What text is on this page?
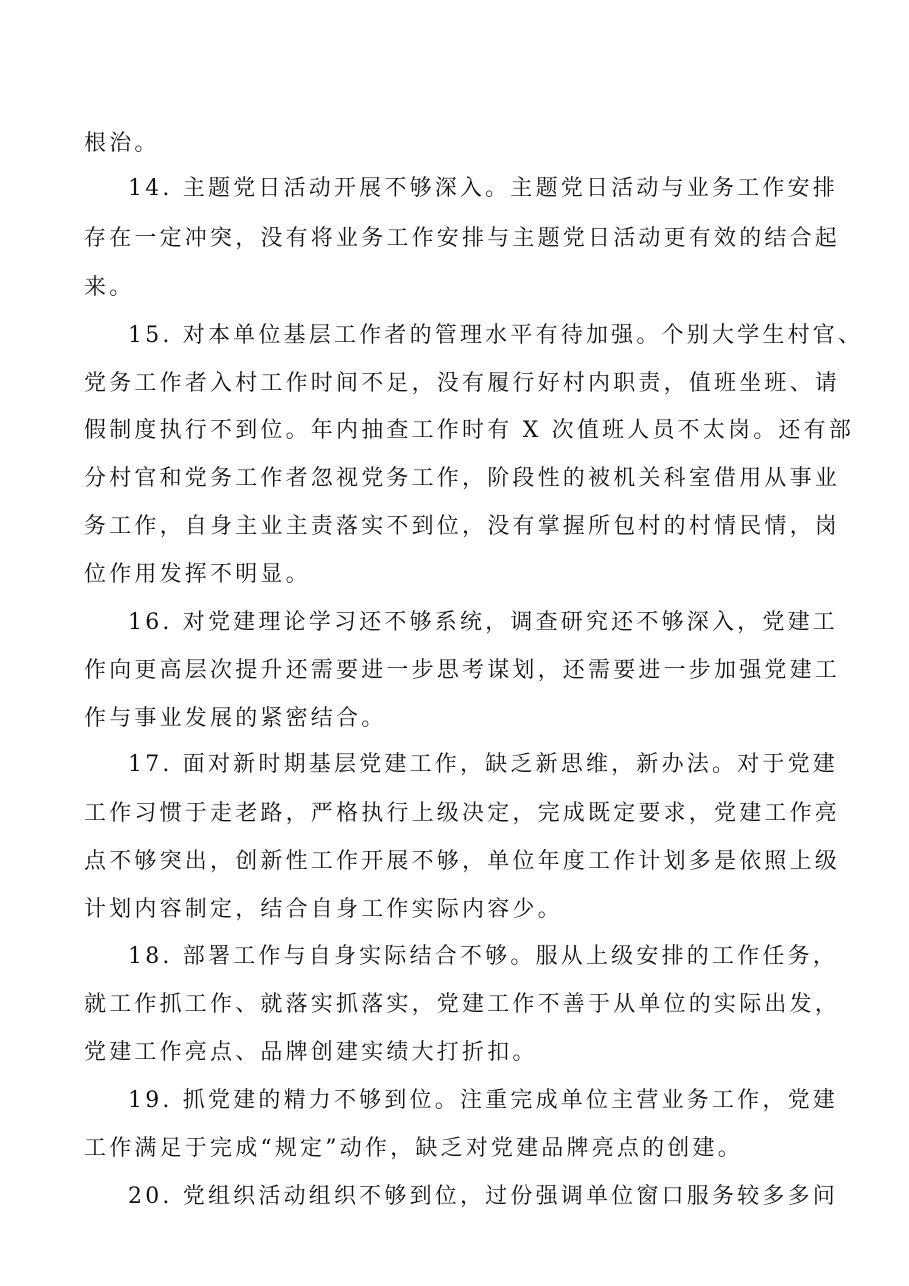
根治。
14. 主题党日活动开展不够深入。主题党日活动与业务工作安排
存在一定冲突，没有将业务工作安排与主题党日活动更有效的结合起
来。
15. 对本单位基层工作者的管理水平有待加强。个别大学生村官、
党务工作者入村工作时间不足，没有履行好村内职责，值班坐班、请
假制度执行不到位。年内抽查工作时有 X 次值班人员不太岗。还有部
分村官和党务工作者忽视党务工作，阶段性的被机关科室借用从事业
务工作，自身主业主责落实不到位，没有掌握所包村的村情民情，岗
位作用发挥不明显。
16. 对党建理论学习还不够系统，调查研究还不够深入，党建工
作向更高层次提升还需要进一步思考谋划，还需要进一步加强党建工
作与事业发展的紧密结合。
17. 面对新时期基层党建工作，缺乏新思维，新办法。对于党建
工作习惯于走老路，严格执行上级决定，完成既定要求，党建工作亮
点不够突出，创新性工作开展不够，单位年度工作计划多是依照上级
计划内容制定，结合自身工作实际内容少。
18. 部署工作与自身实际结合不够。服从上级安排的工作任务，
就工作抓工作、就落实抓落实，党建工作不善于从单位的实际出发，
党建工作亮点、品牌创建实绩大打折扣。
19. 抓党建的精力不够到位。注重完成单位主营业务工作，党建
工作满足于完成“规定”动作，缺乏对党建品牌亮点的创建。
20. 党组织活动组织不够到位，过份强调单位窗口服务较多多问
